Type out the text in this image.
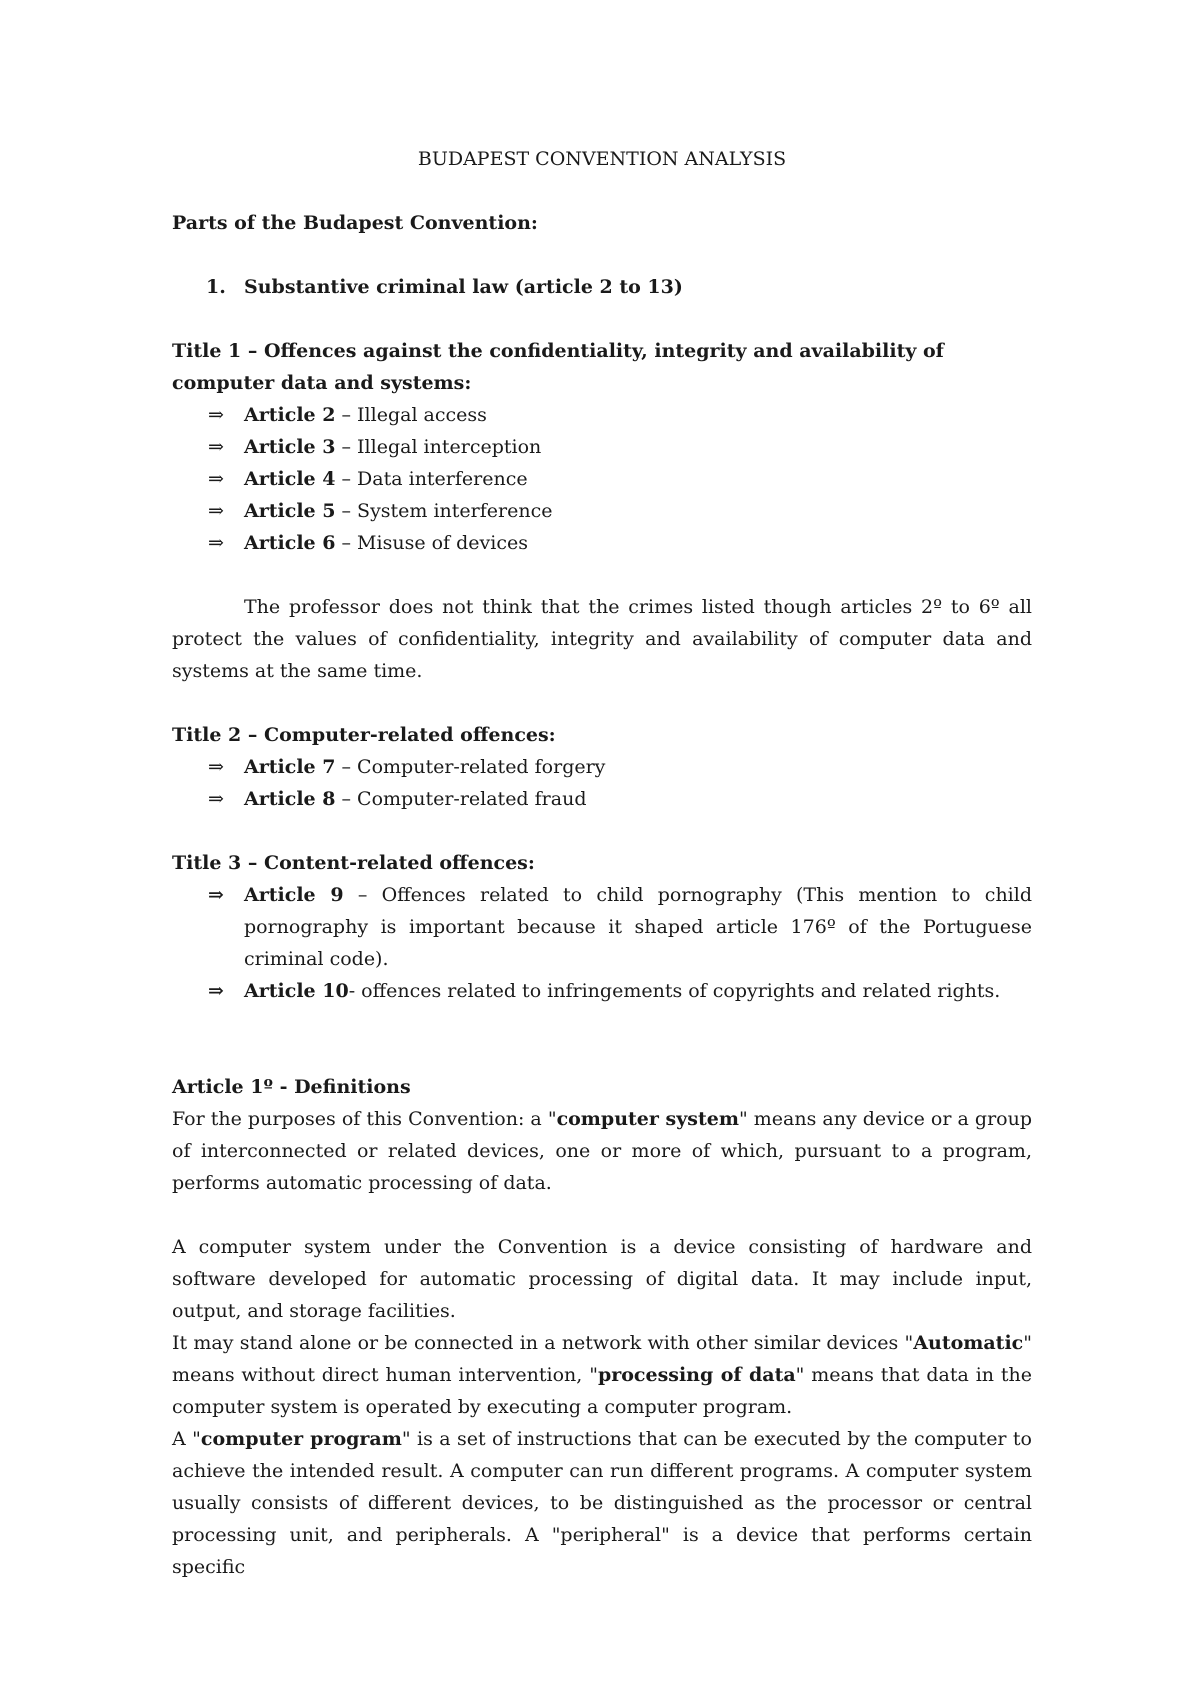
BUDAPEST CONVENTION ANALYSIS

Parts of the Budapest Convention:

1. Substantive criminal law (article 2 to 13)

Title 1 – Offences against the confidentiality, integrity and availability of computer data and systems:

⇒ Article 2 – Illegal access
⇒ Article 3 – Illegal interception
⇒ Article 4 – Data interference
⇒ Article 5 – System interference
⇒ Article 6 – Misuse of devices

The professor does not think that the crimes listed though articles 2º to 6º all protect the values of confidentiality, integrity and availability of computer data and systems at the same time.

Title 2 – Computer-related offences:

⇒ Article 7 – Computer-related forgery
⇒ Article 8 – Computer-related fraud

Title 3 – Content-related offences:

⇒ Article 9 – Offences related to child pornography (This mention to child pornography is important because it shaped article 176º of the Portuguese criminal code).
⇒ Article 10- offences related to infringements of copyrights and related rights.

Article 1º - Definitions

For the purposes of this Convention: a "computer system" means any device or a group of interconnected or related devices, one or more of which, pursuant to a program, performs automatic processing of data.

A computer system under the Convention is a device consisting of hardware and software developed for automatic processing of digital data. It may include input, output, and storage facilities.

It may stand alone or be connected in a network with other similar devices "Automatic" means without direct human intervention, "processing of data" means that data in the computer system is operated by executing a computer program.

A "computer program" is a set of instructions that can be executed by the computer to achieve the intended result. A computer can run different programs. A computer system usually consists of different devices, to be distinguished as the processor or central processing unit, and peripherals. A "peripheral" is a device that performs certain specific
